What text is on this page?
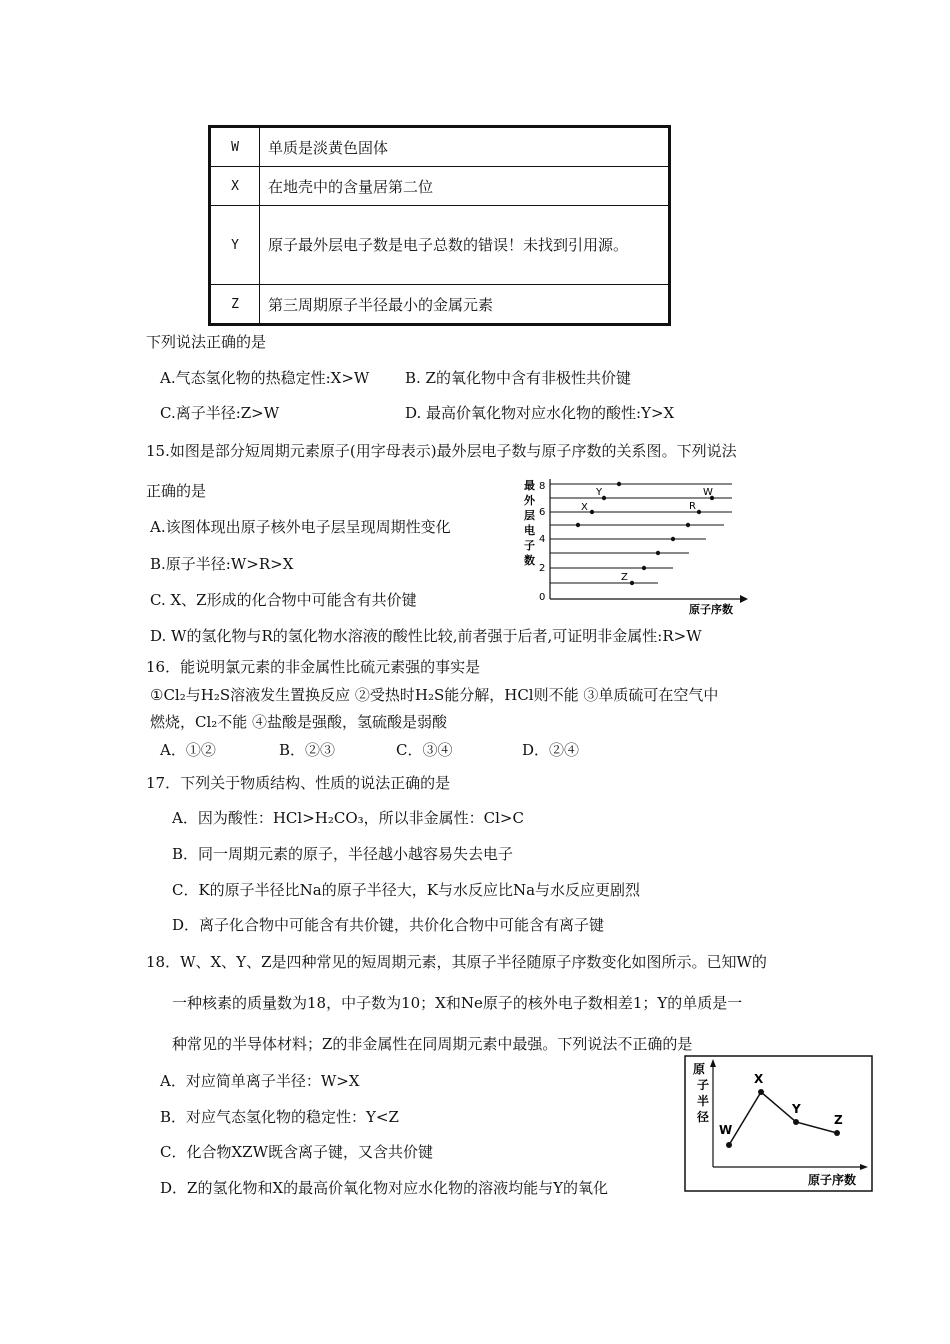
W	单质是淡黄色固体
X	在地壳中的含量居第二位
Y	原子最外层电子数是电子总数的错误！未找到引用源。
Z	第三周期原子半径最小的金属元素
下列说法正确的是
A.气态氢化物的热稳定性:X>W B. Z的氧化物中含有非极性共价键
C.离子半径:Z>W	D. 最高价氧化物对应水化物的酸性:Y>X
15.如图是部分短周期元素原子(用字母表示)最外层电子数与原子序数的关系图。下列说法
正确的是
A.该图体现出原子核外电子层呈现周期性变化
B.原子半径:W>R>X
C. X、Z形成的化合物中可能含有共价键
D. W的氢化物与R的氢化物水溶液的酸性比较,前者强于后者,可证明非金属性:R>W
最
外
层
电
子
数
8
6
4
2
0
Y
X
W
R
Z
原子序数
16．能说明氯元素的非金属性比硫元素强的事实是
①Cl₂与H₂S溶液发生置换反应 ②受热时H₂S能分解，HCl则不能 ③单质硫可在空气中
燃烧，Cl₂不能 ④盐酸是强酸，氢硫酸是弱酸
A．①②	B．②③	C．③④	D．②④
17．下列关于物质结构、性质的说法正确的是
A．因为酸性：HCl>H₂CO₃，所以非金属性：Cl>C
B．同一周期元素的原子，半径越小越容易失去电子
C．K的原子半径比Na的原子半径大，K与水反应比Na与水反应更剧烈
D．离子化合物中可能含有共价键，共价化合物中可能含有离子键
18．W、X、Y、Z是四种常见的短周期元素，其原子半径随原子序数变化如图所示。已知W的
一种核素的质量数为18，中子数为10；X和Ne原子的核外电子数相差1；Y的单质是一
种常见的半导体材料；Z的非金属性在同周期元素中最强。下列说法不正确的是
A．对应简单离子半径：W>X
B．对应气态氢化物的稳定性：Y<Z
C．化合物XZW既含离子键，又含共价键
D．Z的氢化物和X的最高价氧化物对应水化物的溶液均能与Y的氧化
原
子
半
径
W
X
Y
Z
原子序数
